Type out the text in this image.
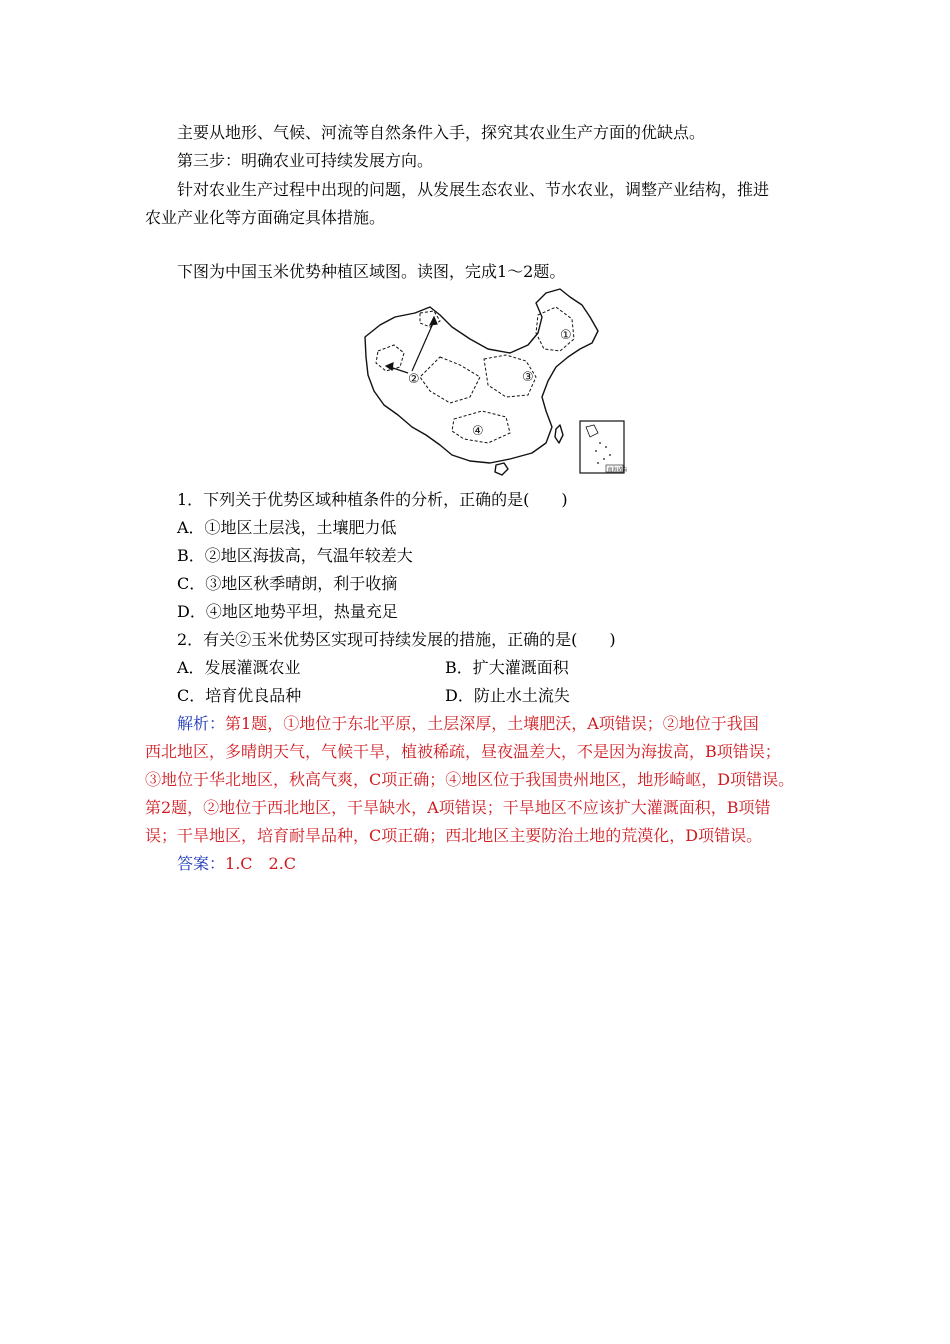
主要从地形、气候、河流等自然条件入手，探究其农业生产方面的优缺点。
第三步：明确农业可持续发展方向。
针对农业生产过程中出现的问题，从发展生态农业、节水农业，调整产业结构，推进
农业产业化等方面确定具体措施。
下图为中国玉米优势种植区域图。读图，完成1～2题。
①
②	③
④
南海诸岛
1．下列关于优势区域种植条件的分析，正确的是(　　)
A．①地区土层浅，土壤肥力低
B．②地区海拔高，气温年较差大
C．③地区秋季晴朗，利于收摘
D．④地区地势平坦，热量充足
2．有关②玉米优势区实现可持续发展的措施，正确的是(　　)
A．发展灌溉农业	B．扩大灌溉面积
C．培育优良品种	D．防止水土流失
解析：第1题，①地位于东北平原，土层深厚，土壤肥沃，A项错误；②地位于我国
西北地区，多晴朗天气，气候干旱，植被稀疏，昼夜温差大，不是因为海拔高，B项错误；
③地位于华北地区，秋高气爽，C项正确；④地区位于我国贵州地区，地形崎岖，D项错误。
第2题，②地位于西北地区，干旱缺水，A项错误；干旱地区不应该扩大灌溉面积，B项错
误；干旱地区，培育耐旱品种，C项正确；西北地区主要防治土地的荒漠化，D项错误。
答案：1.C　2.C
